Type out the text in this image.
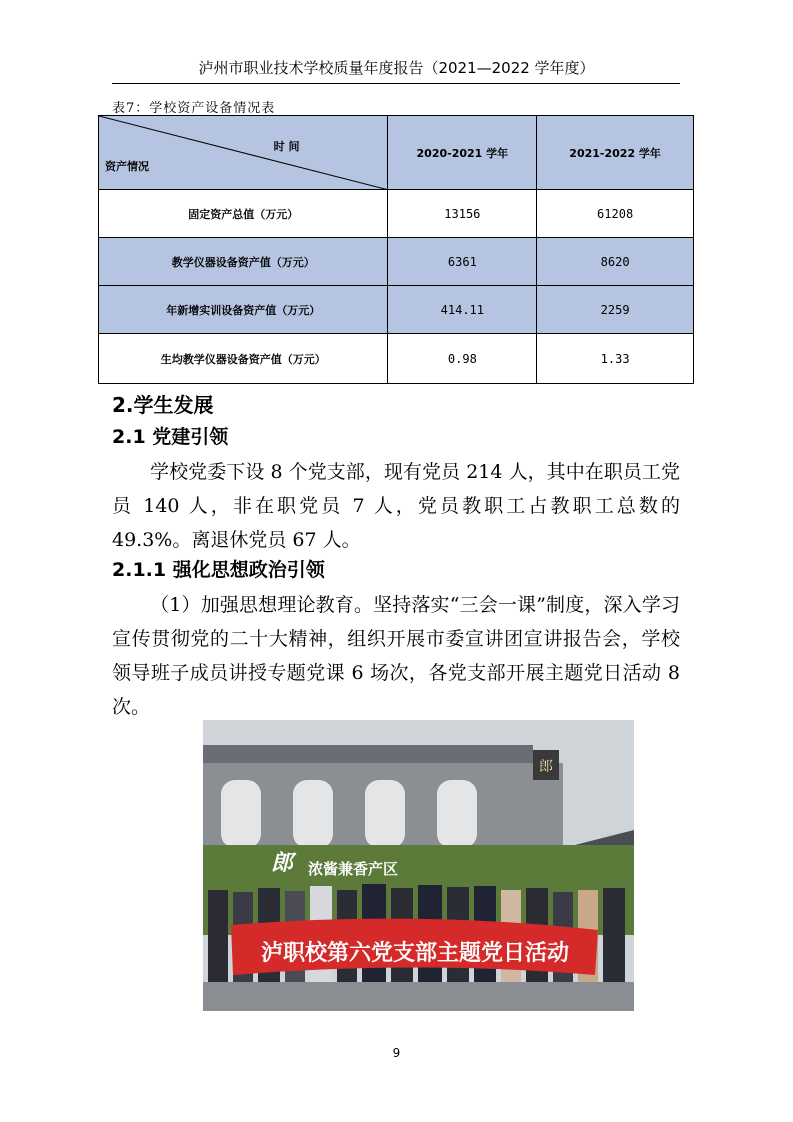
泸州市职业技术学校质量年度报告（2021—2022 学年度）
表7：学校资产设备情况表
时 间
资产情况	2020-2021 学年	2021-2022 学年
固定资产总值（万元）	13156	61208
教学仪器设备资产值（万元）	6361	8620
年新增实训设备资产值（万元）	414.11	2259
生均教学仪器设备资产值（万元）	0.98	1.33
2.学生发展
2.1 党建引领
学校党委下设 8 个党支部，现有党员 214 人，其中在职员工党员 140 人，非在职党员 7 人，党员教职工占教职工总数的 49.3%。离退休党员 67 人。
2.1.1 强化思想政治引领
（1）加强思想理论教育。坚持落实“三会一课”制度，深入学习宣传贯彻党的二十大精神，组织开展市委宣讲团宣讲报告会，学校领导班子成员讲授专题党课 6 场次，各党支部开展主题党日活动 8 次。
郎
郎 浓酱兼香产区
泸职校第六党支部主题党日活动
9
